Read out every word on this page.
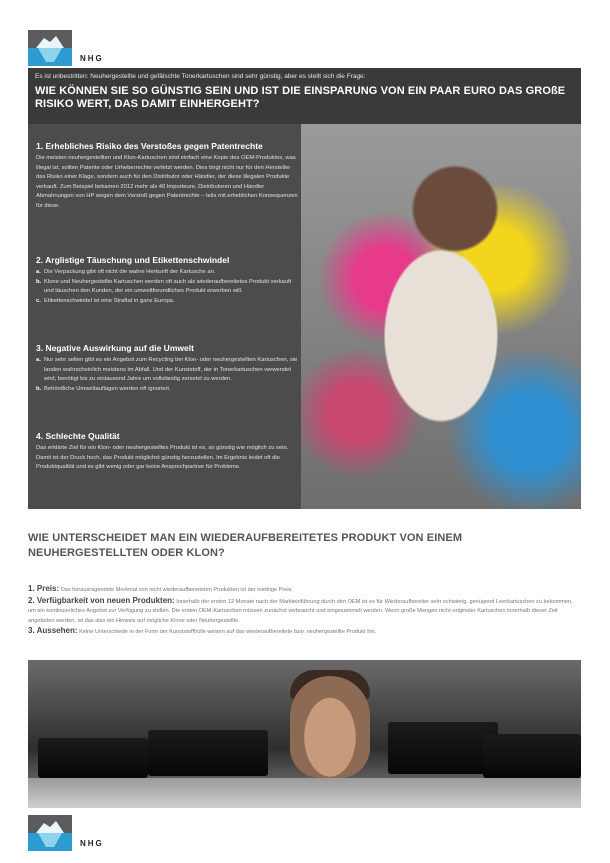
NHG
Es ist unbestritten: Neuhergestellte und gefälschte Tonerkartuschen sind sehr günstig, aber es stellt sich die Frage:
WIE KÖNNEN SIE SO GÜNSTIG SEIN UND IST DIE EINSPARUNG VON EIN PAAR EURO DAS GROßE RISIKO WERT, DAS DAMIT EINHERGEHT?
1. Erhebliches Risiko des Verstoßes gegen Patentrechte

Die meisten neuhergestellten und Klon-Kartuschen sind einfach eine Kopie des OEM-Produktes, was illegal ist, sollten Patente oder Urheberrechte verletzt werden. Dies birgt nicht nur für den Hersteller das Risiko einer Klage, sondern auch für den Distributor oder Händler, der diese illegalen Produkte verkauft. Zum Beispiel bekamen 2012 mehr als 40 Importeure, Distributoren und Händler Abmahnungen von HP wegen dem Verstoß gegen Patentrechte – teils mit erheblichen Konsequenzen für diese.

2. Arglistige Täuschung und Etikettenschwindel
a. Die Verpackung gibt oft nicht die wahre Herkunft der Kartusche an.
b. Klone und Neuhergestellte Kartuschen werden oft auch als wiederaufbereitetes Produkt verkauft und täuschen den Kunden, der ein umweltfreundliches Produkt erwerben will.
c. Etikettenschwindel ist eine Straftat in ganz Europa.
3. Negative Auswirkung auf die Umwelt
a. Nur sehr selten gibt es ein Angebot zum Recycling bei Klon- oder neuhergestellten Kartuschen, sie landen wahrscheinlich meistens im Abfall. Und der Kunststoff, der in Tonerkartuschen verwendet wird, benötigt bis zu eintausend Jahre um vollständig zersetzt zu werden.
b. Behördliche Umweltauflagen werden oft ignoriert.
4. Schlechte Qualität

Das erklärte Ziel für ein Klon- oder neuhergestelltes Produkt ist es, so günstig wie möglich zu sein. Damit ist der Druck hoch, das Produkt möglichst günstig herzustellen. Im Ergebnis leidet oft die Produktqualität und es gibt wenig oder gar keine Ansprechpartner für Probleme.

WIE UNTERSCHEIDET MAN EIN WIEDERAUFBEREITETES PRODUKT VON EINEM NEUHERGESTELLTEN ODER KLON?
1. Preis: Das herausragendste Merkmal von nicht wiederaufbereiteten Produkten ist der niedrige Preis.
2. Verfügbarkeit von neuen Produkten: Innerhalb der ersten 12 Monate nach der Markteinführung durch den OEM ist es für Wiederaufbereiter sehr schwierig, genügend Leerkartuschen zu bekommen, um ein kontinuierliches Angebot zur Verfügung zu stellen. Die ersten OEM-Kartuschen müssen zunächst verbraucht und eingesammelt werden. Wenn große Mengen nicht-originaler Kartuschen innerhalb dieser Zeit angeboten werden, ist das also ein Hinweis auf mögliche Klone oder Neuhergestellte.
3. Aussehen: Keine Unterschiede in der Form der Kunststoffhülle weisen auf das wiederaufbereitete bzw. neuhergestellte Produkt hin.
NHG
